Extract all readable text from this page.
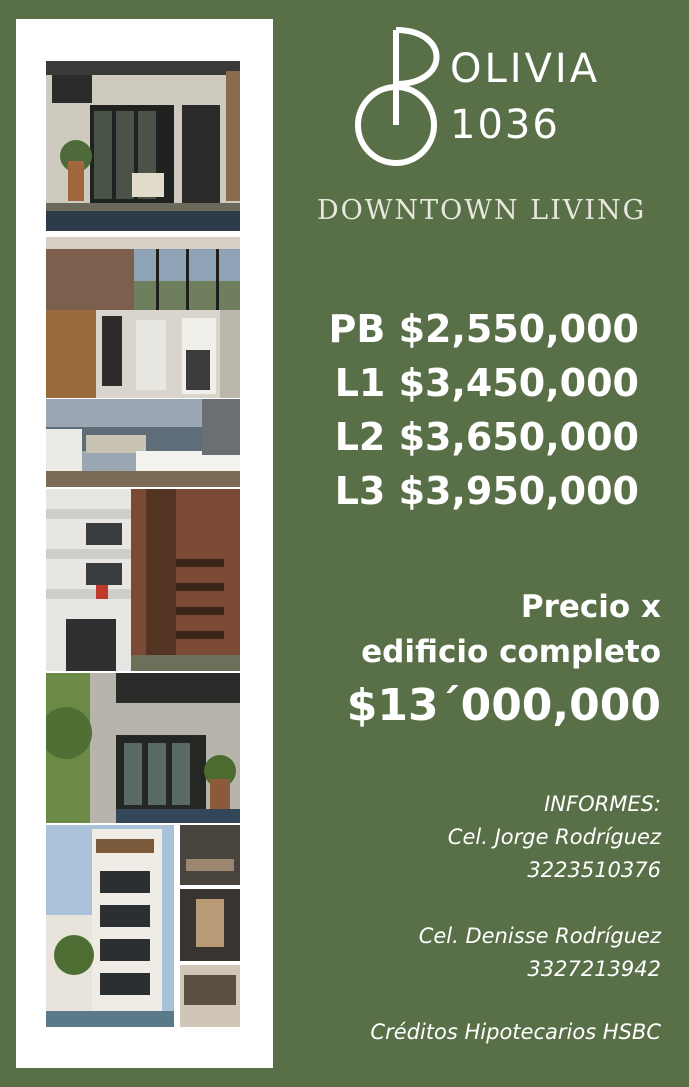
OLIVIA
1036
DOWNTOWN LIVING
PB $2,550,000
L1 $3,450,000
L2 $3,650,000
L3 $3,950,000
Precio x
edificio completo
$13´000,000
INFORMES:
Cel. Jorge Rodríguez
3223510376
Cel. Denisse Rodríguez
3327213942
Créditos Hipotecarios HSBC
